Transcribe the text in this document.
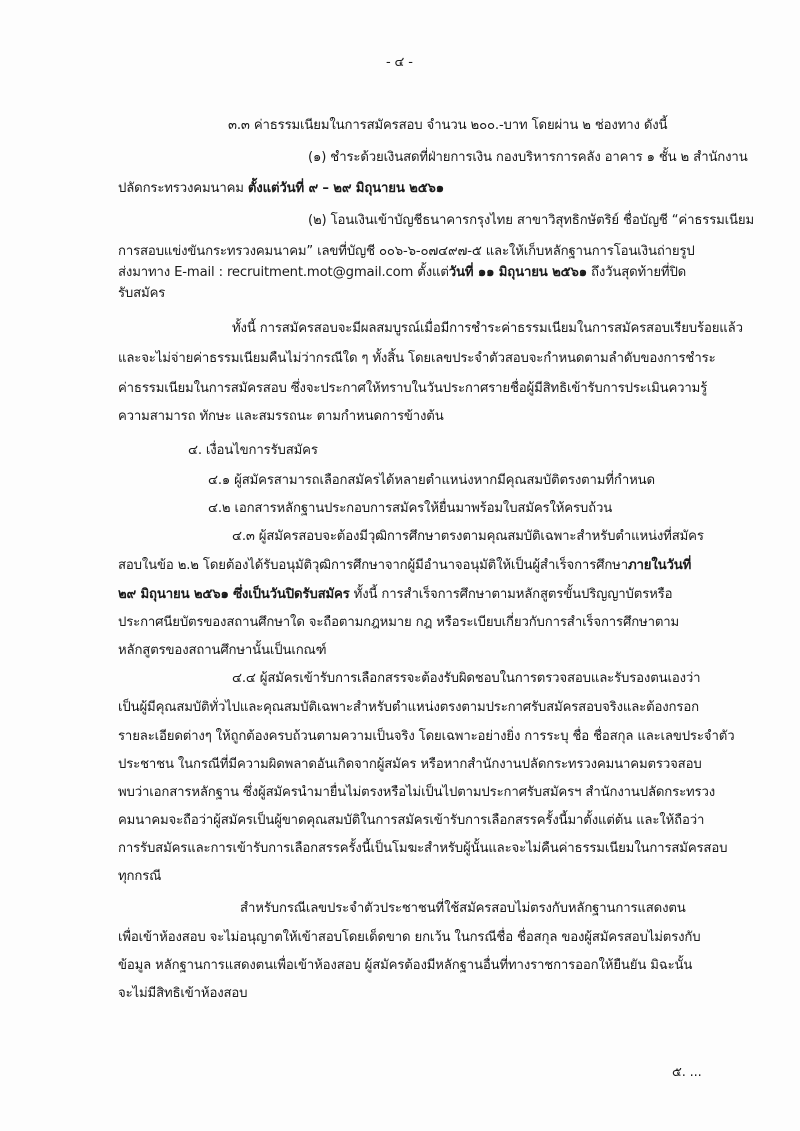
- ๔ -
๓.๓ ค่าธรรมเนียมในการสมัครสอบ จำนวน ๒๐๐.-บาท โดยผ่าน ๒ ช่องทาง ดังนี้
(๑) ชำระด้วยเงินสดที่ฝ่ายการเงิน กองบริหารการคลัง อาคาร ๑ ชั้น ๒ สำนักงาน
ปลัดกระทรวงคมนาคม ตั้งแต่วันที่ ๙ – ๒๙ มิถุนายน ๒๕๖๑
(๒) โอนเงินเข้าบัญชีธนาคารกรุงไทย สาขาวิสุทธิกษัตริย์ ชื่อบัญชี “ค่าธรรมเนียม
การสอบแข่งขันกระทรวงคมนาคม” เลขที่บัญชี ๐๐๖-๖-๐๗๔๙๗-๕ และให้เก็บหลักฐานการโอนเงินถ่ายรูป
ส่งมาทาง E-mail : recruitment.mot@gmail.com ตั้งแต่วันที่ ๑๑ มิถุนายน ๒๕๖๑ ถึงวันสุดท้ายที่ปิด
รับสมัคร
ทั้งนี้ การสมัครสอบจะมีผลสมบูรณ์เมื่อมีการชำระค่าธรรมเนียมในการสมัครสอบเรียบร้อยแล้ว
และจะไม่จ่ายค่าธรรมเนียมคืนไม่ว่ากรณีใด ๆ ทั้งสิ้น โดยเลขประจำตัวสอบจะกำหนดตามลำดับของการชำระ
ค่าธรรมเนียมในการสมัครสอบ ซึ่งจะประกาศให้ทราบในวันประกาศรายชื่อผู้มีสิทธิเข้ารับการประเมินความรู้
ความสามารถ ทักษะ และสมรรถนะ ตามกำหนดการข้างต้น
๔. เงื่อนไขการรับสมัคร
๔.๑ ผู้สมัครสามารถเลือกสมัครได้หลายตำแหน่งหากมีคุณสมบัติตรงตามที่กำหนด
๔.๒ เอกสารหลักฐานประกอบการสมัครให้ยื่นมาพร้อมใบสมัครให้ครบถ้วน
๔.๓ ผู้สมัครสอบจะต้องมีวุฒิการศึกษาตรงตามคุณสมบัติเฉพาะสำหรับตำแหน่งที่สมัคร
สอบในข้อ ๒.๒ โดยต้องได้รับอนุมัติวุฒิการศึกษาจากผู้มีอำนาจอนุมัติให้เป็นผู้สำเร็จการศึกษาภายในวันที่
๒๙ มิถุนายน ๒๕๖๑ ซึ่งเป็นวันปิดรับสมัคร ทั้งนี้ การสำเร็จการศึกษาตามหลักสูตรขั้นปริญญาบัตรหรือ
ประกาศนียบัตรของสถานศึกษาใด จะถือตามกฎหมาย กฎ หรือระเบียบเกี่ยวกับการสำเร็จการศึกษาตาม
หลักสูตรของสถานศึกษานั้นเป็นเกณฑ์
๔.๔ ผู้สมัครเข้ารับการเลือกสรรจะต้องรับผิดชอบในการตรวจสอบและรับรองตนเองว่า
เป็นผู้มีคุณสมบัติทั่วไปและคุณสมบัติเฉพาะสำหรับตำแหน่งตรงตามประกาศรับสมัครสอบจริงและต้องกรอก
รายละเอียดต่างๆ ให้ถูกต้องครบถ้วนตามความเป็นจริง โดยเฉพาะอย่างยิ่ง การระบุ ชื่อ ชื่อสกุล และเลขประจำตัว
ประชาชน ในกรณีที่มีความผิดพลาดอันเกิดจากผู้สมัคร หรือหากสำนักงานปลัดกระทรวงคมนาคมตรวจสอบ
พบว่าเอกสารหลักฐาน ซึ่งผู้สมัครนำมายื่นไม่ตรงหรือไม่เป็นไปตามประกาศรับสมัครฯ สำนักงานปลัดกระทรวง
คมนาคมจะถือว่าผู้สมัครเป็นผู้ขาดคุณสมบัติในการสมัครเข้ารับการเลือกสรรครั้งนี้มาตั้งแต่ต้น และให้ถือว่า
การรับสมัครและการเข้ารับการเลือกสรรครั้งนี้เป็นโมฆะสำหรับผู้นั้นและจะไม่คืนค่าธรรมเนียมในการสมัครสอบ
ทุกกรณี
สำหรับกรณีเลขประจำตัวประชาชนที่ใช้สมัครสอบไม่ตรงกับหลักฐานการแสดงตน
เพื่อเข้าห้องสอบ จะไม่อนุญาตให้เข้าสอบโดยเด็ดขาด ยกเว้น ในกรณีชื่อ ชื่อสกุล ของผู้สมัครสอบไม่ตรงกับ
ข้อมูล หลักฐานการแสดงตนเพื่อเข้าห้องสอบ ผู้สมัครต้องมีหลักฐานอื่นที่ทางราชการออกให้ยืนยัน มิฉะนั้น
จะไม่มีสิทธิเข้าห้องสอบ
๕. ...
